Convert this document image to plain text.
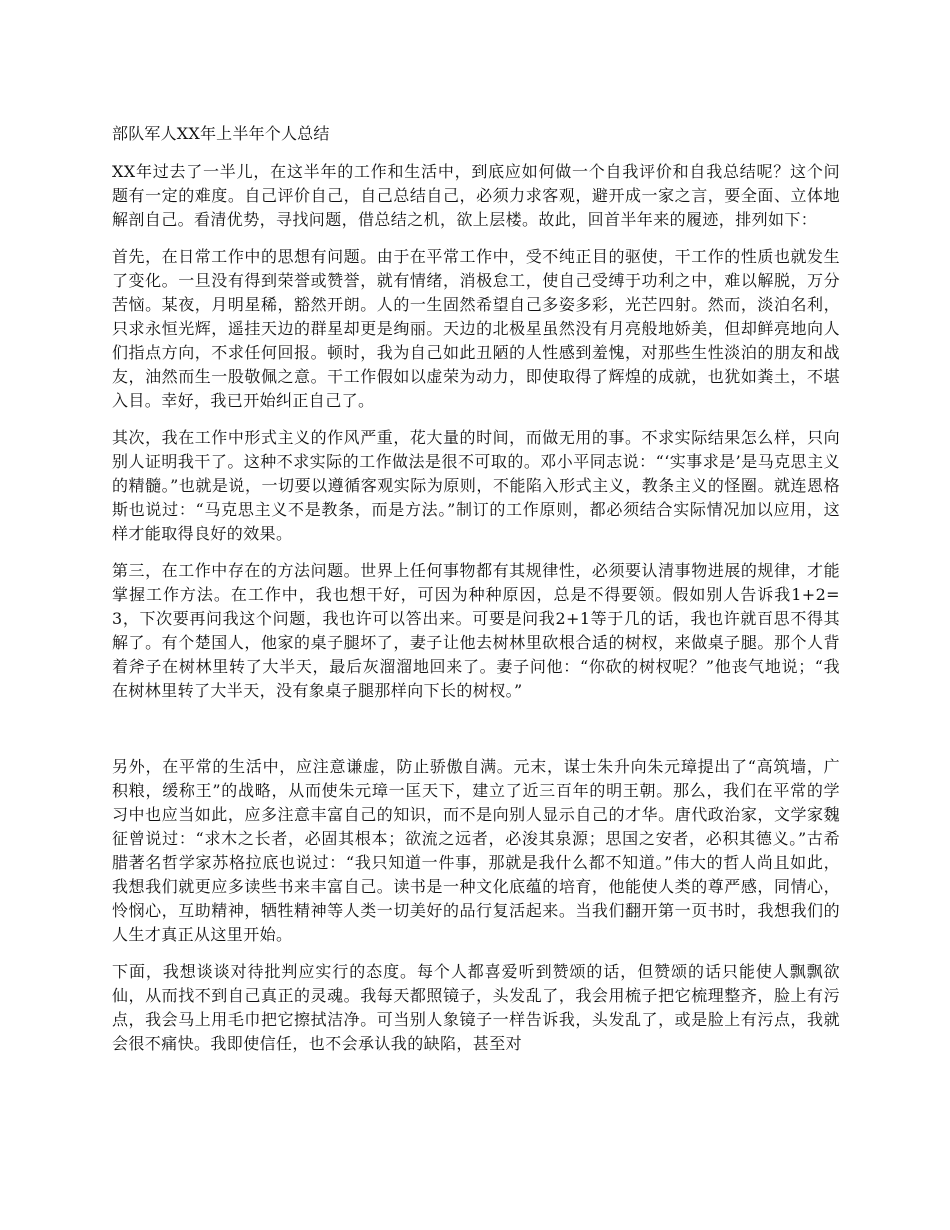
部队军人XX年上半年个人总结

XX年过去了一半儿，在这半年的工作和生活中，到底应如何做一个自我评价和自我总结呢？这个问题有一定的难度。自己评价自己，自己总结自己，必须力求客观，避开成一家之言，要全面、立体地解剖自己。看清优势，寻找问题，借总结之机，欲上层楼。故此，回首半年来的履迹，排列如下：

首先，在日常工作中的思想有问题。由于在平常工作中，受不纯正目的驱使，干工作的性质也就发生了变化。一旦没有得到荣誉或赞誉，就有情绪，消极怠工，使自己受缚于功利之中，难以解脱，万分苦恼。某夜，月明星稀，豁然开朗。人的一生固然希望自己多姿多彩，光芒四射。然而，淡泊名利，只求永恒光辉，遥挂天边的群星却更是绚丽。天边的北极星虽然没有月亮般地娇美，但却鲜亮地向人们指点方向，不求任何回报。顿时，我为自己如此丑陋的人性感到羞愧，对那些生性淡泊的朋友和战友，油然而生一股敬佩之意。干工作假如以虚荣为动力，即使取得了辉煌的成就，也犹如粪土，不堪入目。幸好，我已开始纠正自己了。

其次，我在工作中形式主义的作风严重，花大量的时间，而做无用的事。不求实际结果怎么样，只向别人证明我干了。这种不求实际的工作做法是很不可取的。邓小平同志说：“‘实事求是’是马克思主义的精髓。”也就是说，一切要以遵循客观实际为原则，不能陷入形式主义，教条主义的怪圈。就连恩格斯也说过：“马克思主义不是教条，而是方法。”制订的工作原则，都必须结合实际情况加以应用，这样才能取得良好的效果。

第三，在工作中存在的方法问题。世界上任何事物都有其规律性，必须要认清事物进展的规律，才能掌握工作方法。在工作中，我也想干好，可因为种种原因，总是不得要领。假如别人告诉我1+2=3，下次要再问我这个问题，我也许可以答出来。可要是问我2+1等于几的话，我也许就百思不得其解了。有个楚国人，他家的桌子腿坏了，妻子让他去树林里砍根合适的树杈，来做桌子腿。那个人背着斧子在树林里转了大半天，最后灰溜溜地回来了。妻子问他：“你砍的树杈呢？”他丧气地说；“我在树林里转了大半天，没有象桌子腿那样向下长的树杈。”

另外，在平常的生活中，应注意谦虚，防止骄傲自满。元末，谋士朱升向朱元璋提出了“高筑墙，广积粮，缓称王”的战略，从而使朱元璋一匡天下，建立了近三百年的明王朝。那么，我们在平常的学习中也应当如此，应多注意丰富自己的知识，而不是向别人显示自己的才华。唐代政治家，文学家魏征曾说过：“求木之长者，必固其根本；欲流之远者，必浚其泉源；思国之安者，必积其德义。”古希腊著名哲学家苏格拉底也说过：“我只知道一件事，那就是我什么都不知道。”伟大的哲人尚且如此，我想我们就更应多读些书来丰富自己。读书是一种文化底蕴的培育，他能使人类的尊严感，同情心，怜悯心，互助精神，牺牲精神等人类一切美好的品行复活起来。当我们翻开第一页书时，我想我们的人生才真正从这里开始。

下面，我想谈谈对待批判应实行的态度。每个人都喜爱听到赞颂的话，但赞颂的话只能使人飘飘欲仙，从而找不到自己真正的灵魂。我每天都照镜子，头发乱了，我会用梳子把它梳理整齐，脸上有污点，我会马上用毛巾把它擦拭洁净。可当别人象镜子一样告诉我，头发乱了，或是脸上有污点，我就会很不痛快。我即使信任，也不会承认我的缺陷，甚至对
